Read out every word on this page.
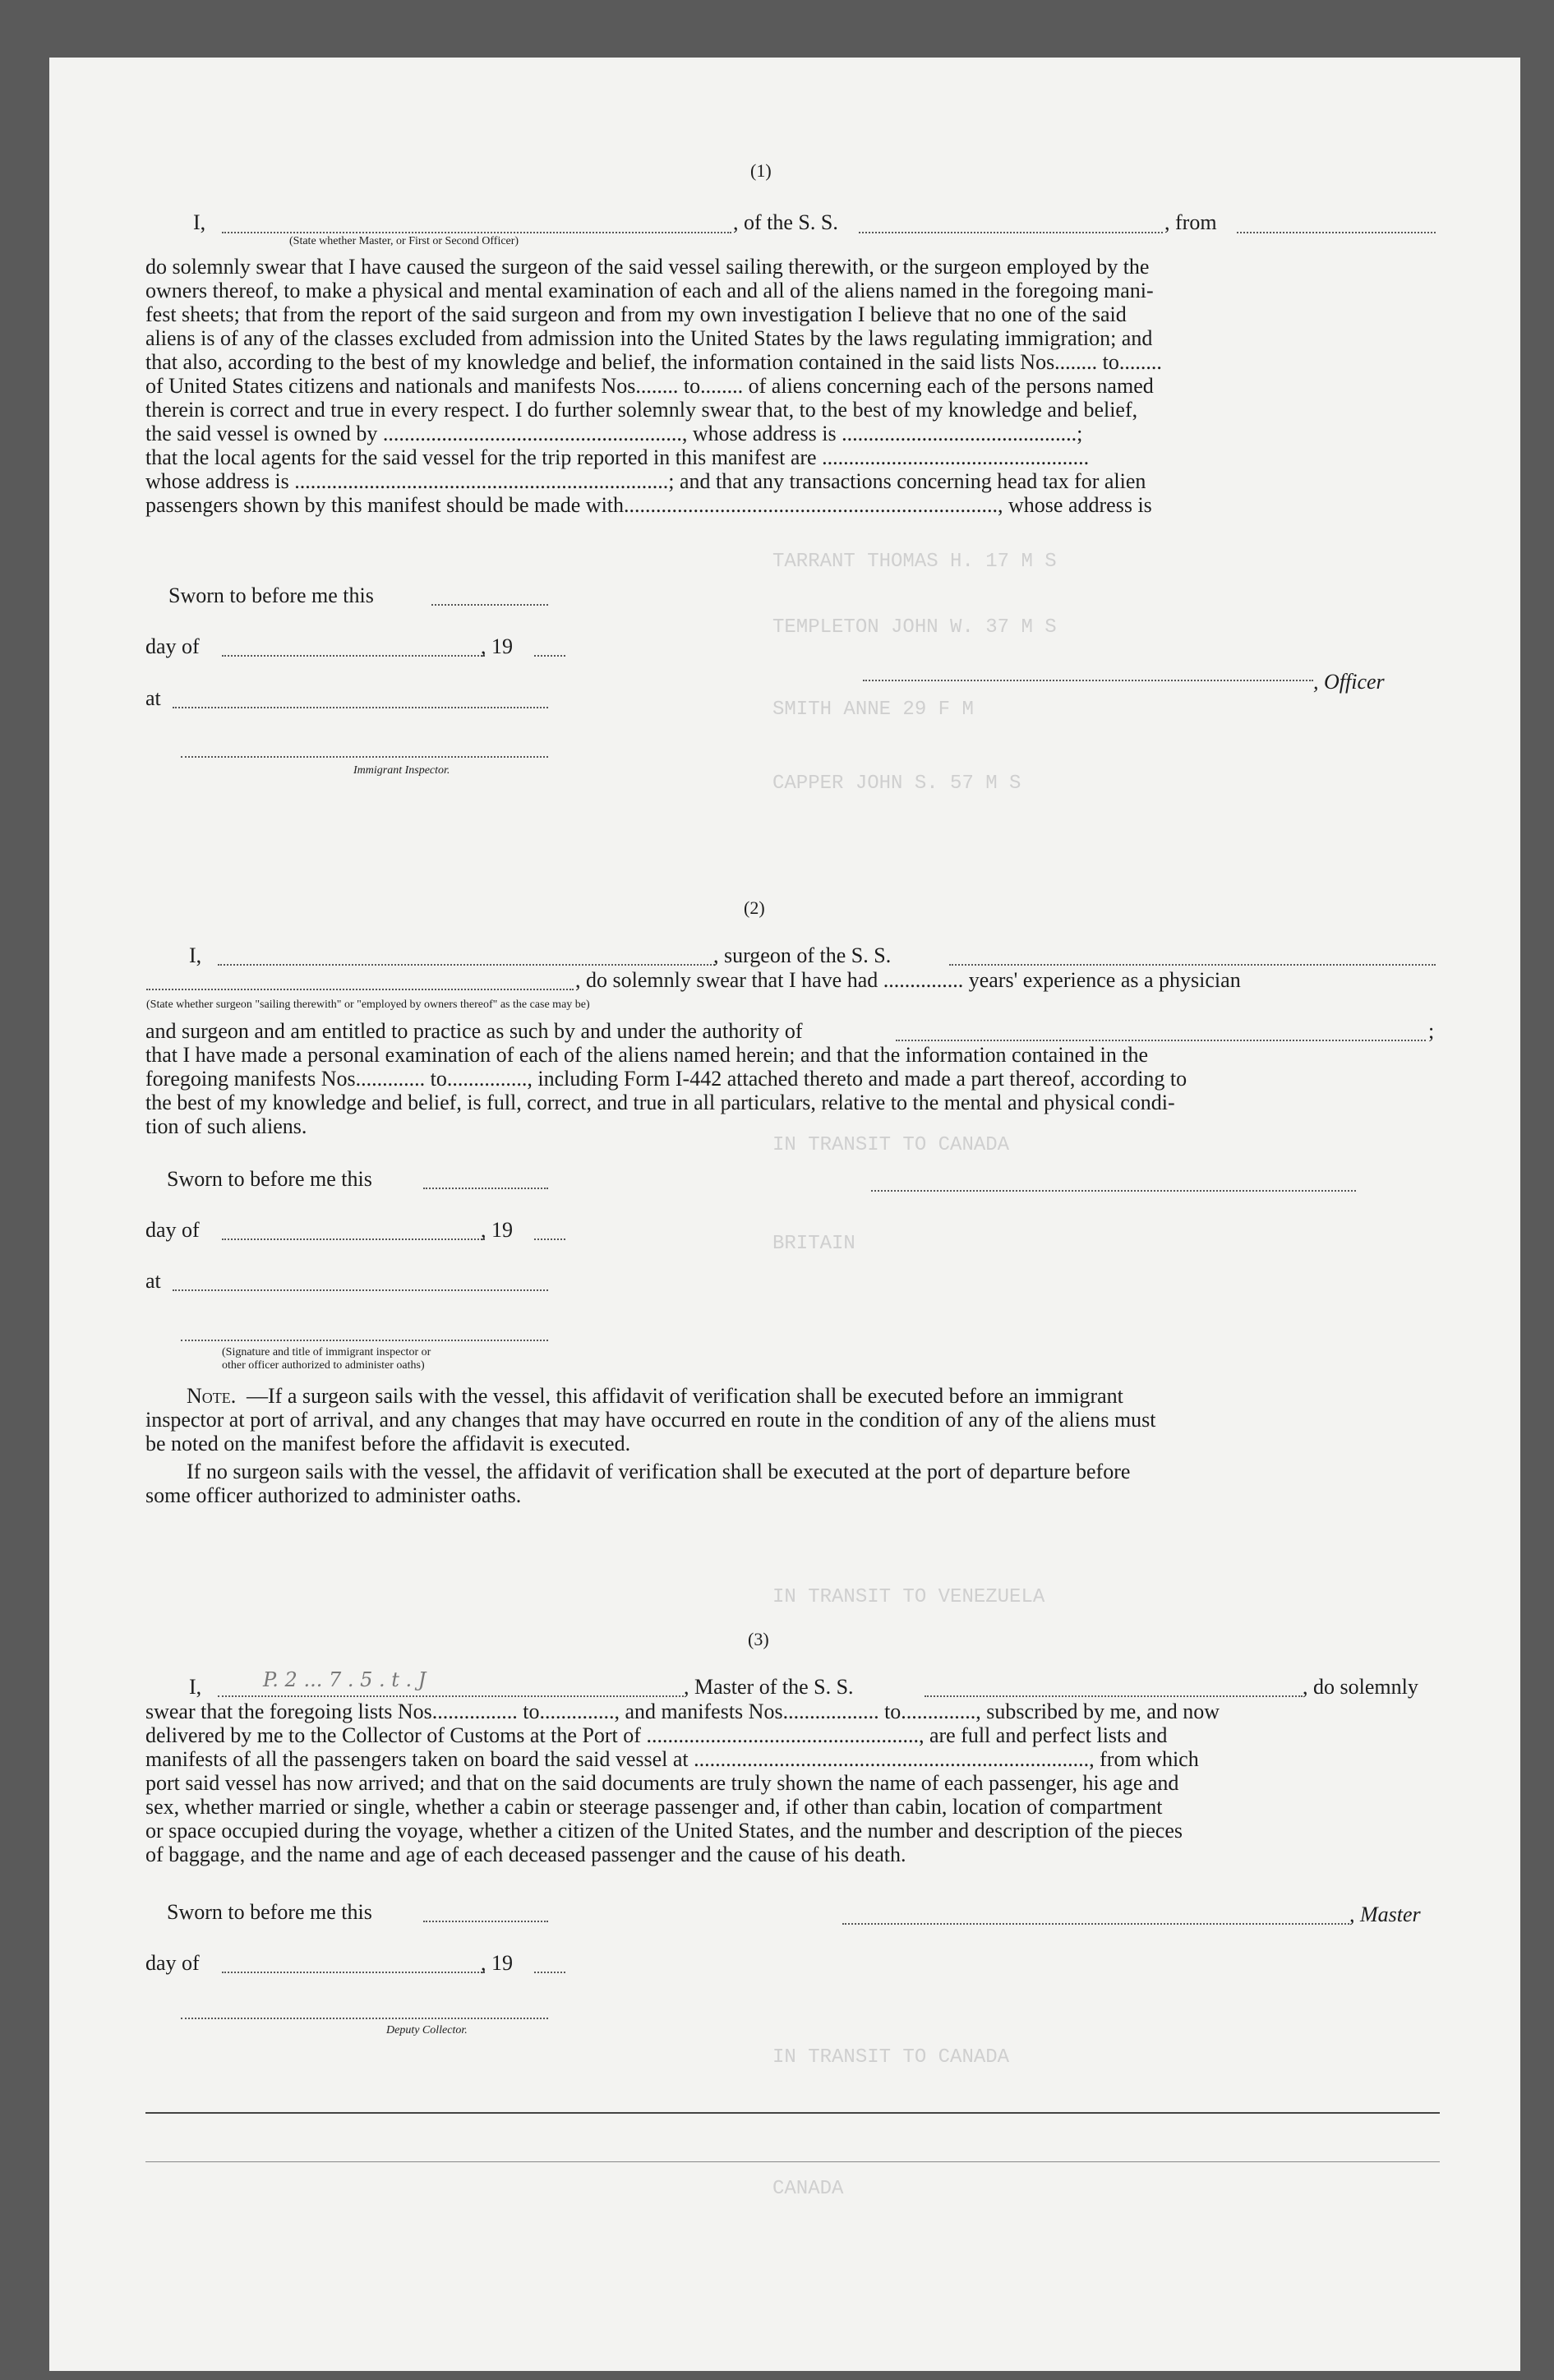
TARRANT THOMAS H. 17 M S
TEMPLETON JOHN W. 37 M S
SMITH ANNE 29 F M
CAPPER JOHN S. 57 M S
IN TRANSIT TO CANADA
BRITAIN
IN TRANSIT TO VENEZUELA
IN TRANSIT TO CANADA
CANADA
(1)
I,	, of the S. S.	, from
(State whether Master, or First or Second Officer)
do solemnly swear that I have caused the surgeon of the said vessel sailing therewith, or the surgeon employed by the
owners thereof, to make a physical and mental examination of each and all of the aliens named in the foregoing mani-
fest sheets; that from the report of the said surgeon and from my own investigation I believe that no one of the said
aliens is of any of the classes excluded from admission into the United States by the laws regulating immigration; and
that also, according to the best of my knowledge and belief, the information contained in the said lists Nos........ to........
of United States citizens and nationals and manifests Nos........ to........ of aliens concerning each of the persons named
therein is correct and true in every respect. I do further solemnly swear that, to the best of my knowledge and belief,
the said vessel is owned by ........................................................, whose address is ............................................;
that the local agents for the said vessel for the trip reported in this manifest are ..................................................
whose address is ......................................................................; and that any transactions concerning head tax for alien
passengers shown by this manifest should be made with......................................................................, whose address is
Sworn to before me this
day of	, 19
at
, Officer
Immigrant Inspector.
(2)
I,	, surgeon of the S. S.
, do solemnly swear that I have had ............... years' experience as a physician
(State whether surgeon "sailing therewith" or "employed by owners thereof" as the case may be)
and surgeon and am entitled to practice as such by and under the authority of	;
that I have made a personal examination of each of the aliens named herein; and that the information contained in the
foregoing manifests Nos............. to..............., including Form I-442 attached thereto and made a part thereof, according to
the best of my knowledge and belief, is full, correct, and true in all particulars, relative to the mental and physical condi-
tion of such aliens.
Sworn to before me this
day of	, 19
at
(Signature and title of immigrant inspector or
other officer authorized to administer oaths)
Note. —If a surgeon sails with the vessel, this affidavit of verification shall be executed before an immigrant
inspector at port of arrival, and any changes that may have occurred en route in the condition of any of the aliens must
be noted on the manifest before the affidavit is executed.
If no surgeon sails with the vessel, the affidavit of verification shall be executed at the port of departure before
some officer authorized to administer oaths.
(3)
I,	P. 2 ... 7 . 5 . t . J	, Master of the S. S.	, do solemnly
swear that the foregoing lists Nos................ to.............., and manifests Nos.................. to.............., subscribed by me, and now
delivered by me to the Collector of Customs at the Port of ..................................................., are full and perfect lists and
manifests of all the passengers taken on board the said vessel at .........................................................................., from which
port said vessel has now arrived; and that on the said documents are truly shown the name of each passenger, his age and
sex, whether married or single, whether a cabin or steerage passenger and, if other than cabin, location of compartment
or space occupied during the voyage, whether a citizen of the United States, and the number and description of the pieces
of baggage, and the name and age of each deceased passenger and the cause of his death.
Sworn to before me this	, Master
day of	, 19
Deputy Collector.
